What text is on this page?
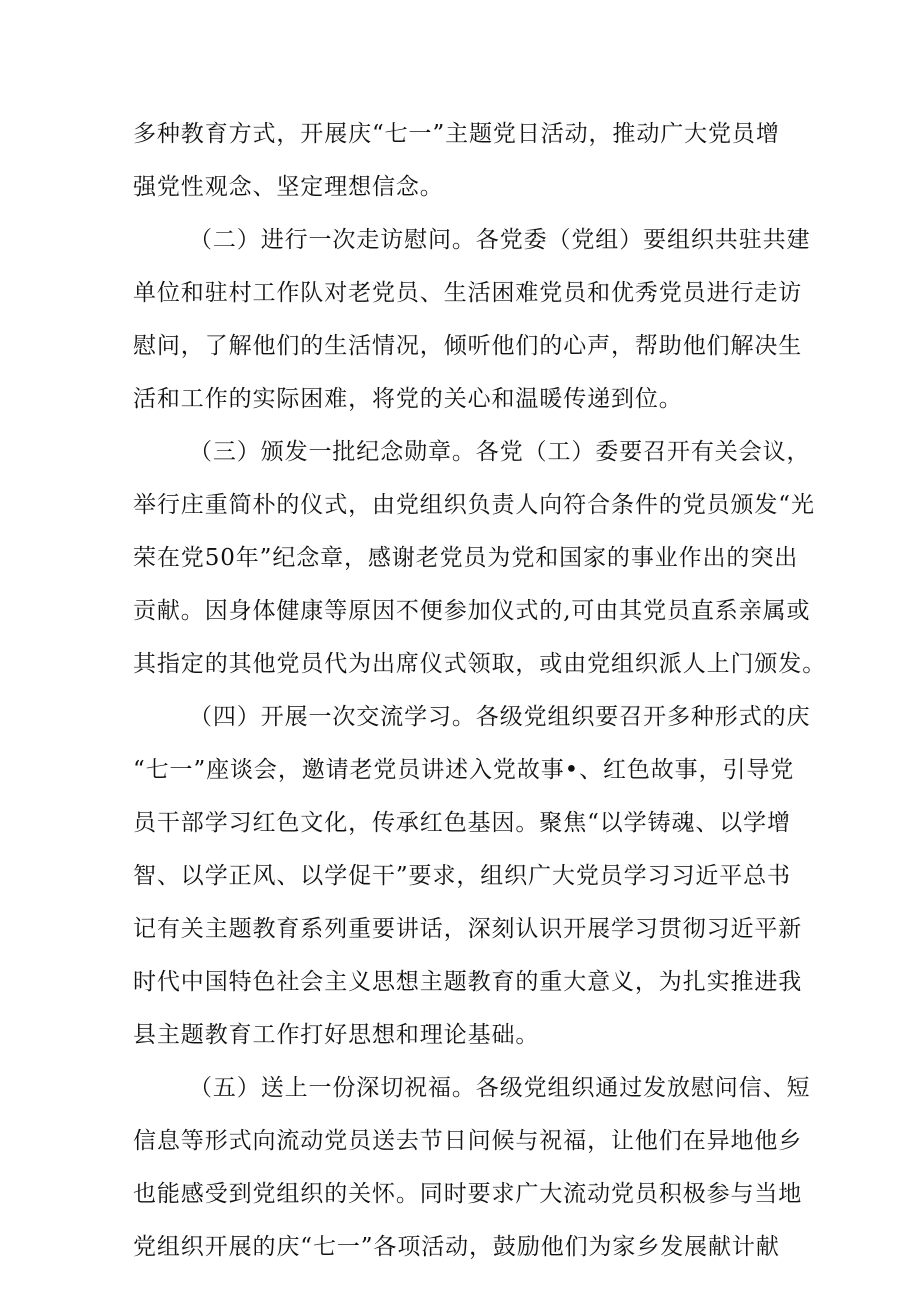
多种教育方式，开展庆“七一”主题党日活动，推动广大党员增
强党性观念、坚定理想信念。
（二）进行一次走访慰问。各党委（党组）要组织共驻共建
单位和驻村工作队对老党员、生活困难党员和优秀党员进行走访
慰问，了解他们的生活情况，倾听他们的心声，帮助他们解决生
活和工作的实际困难，将党的关心和温暖传递到位。
（三）颁发一批纪念勋章。各党（工）委要召开有关会议，
举行庄重简朴的仪式，由党组织负责人向符合条件的党员颁发“光
荣在党50年”纪念章，感谢老党员为党和国家的事业作出的突出
贡献。因身体健康等原因不便参加仪式的,可由其党员直系亲属或
其指定的其他党员代为出席仪式领取，或由党组织派人上门颁发。
（四）开展一次交流学习。各级党组织要召开多种形式的庆
“七一”座谈会，邀请老党员讲述入党故事•、红色故事，引导党
员干部学习红色文化，传承红色基因。聚焦“以学铸魂、以学增
智、以学正风、以学促干”要求，组织广大党员学习习近平总书
记有关主题教育系列重要讲话，深刻认识开展学习贯彻习近平新
时代中国特色社会主义思想主题教育的重大意义，为扎实推进我
县主题教育工作打好思想和理论基础。
（五）送上一份深切祝福。各级党组织通过发放慰问信、短
信息等形式向流动党员送去节日问候与祝福，让他们在异地他乡
也能感受到党组织的关怀。同时要求广大流动党员积极参与当地
党组织开展的庆“七一”各项活动，鼓励他们为家乡发展献计献
